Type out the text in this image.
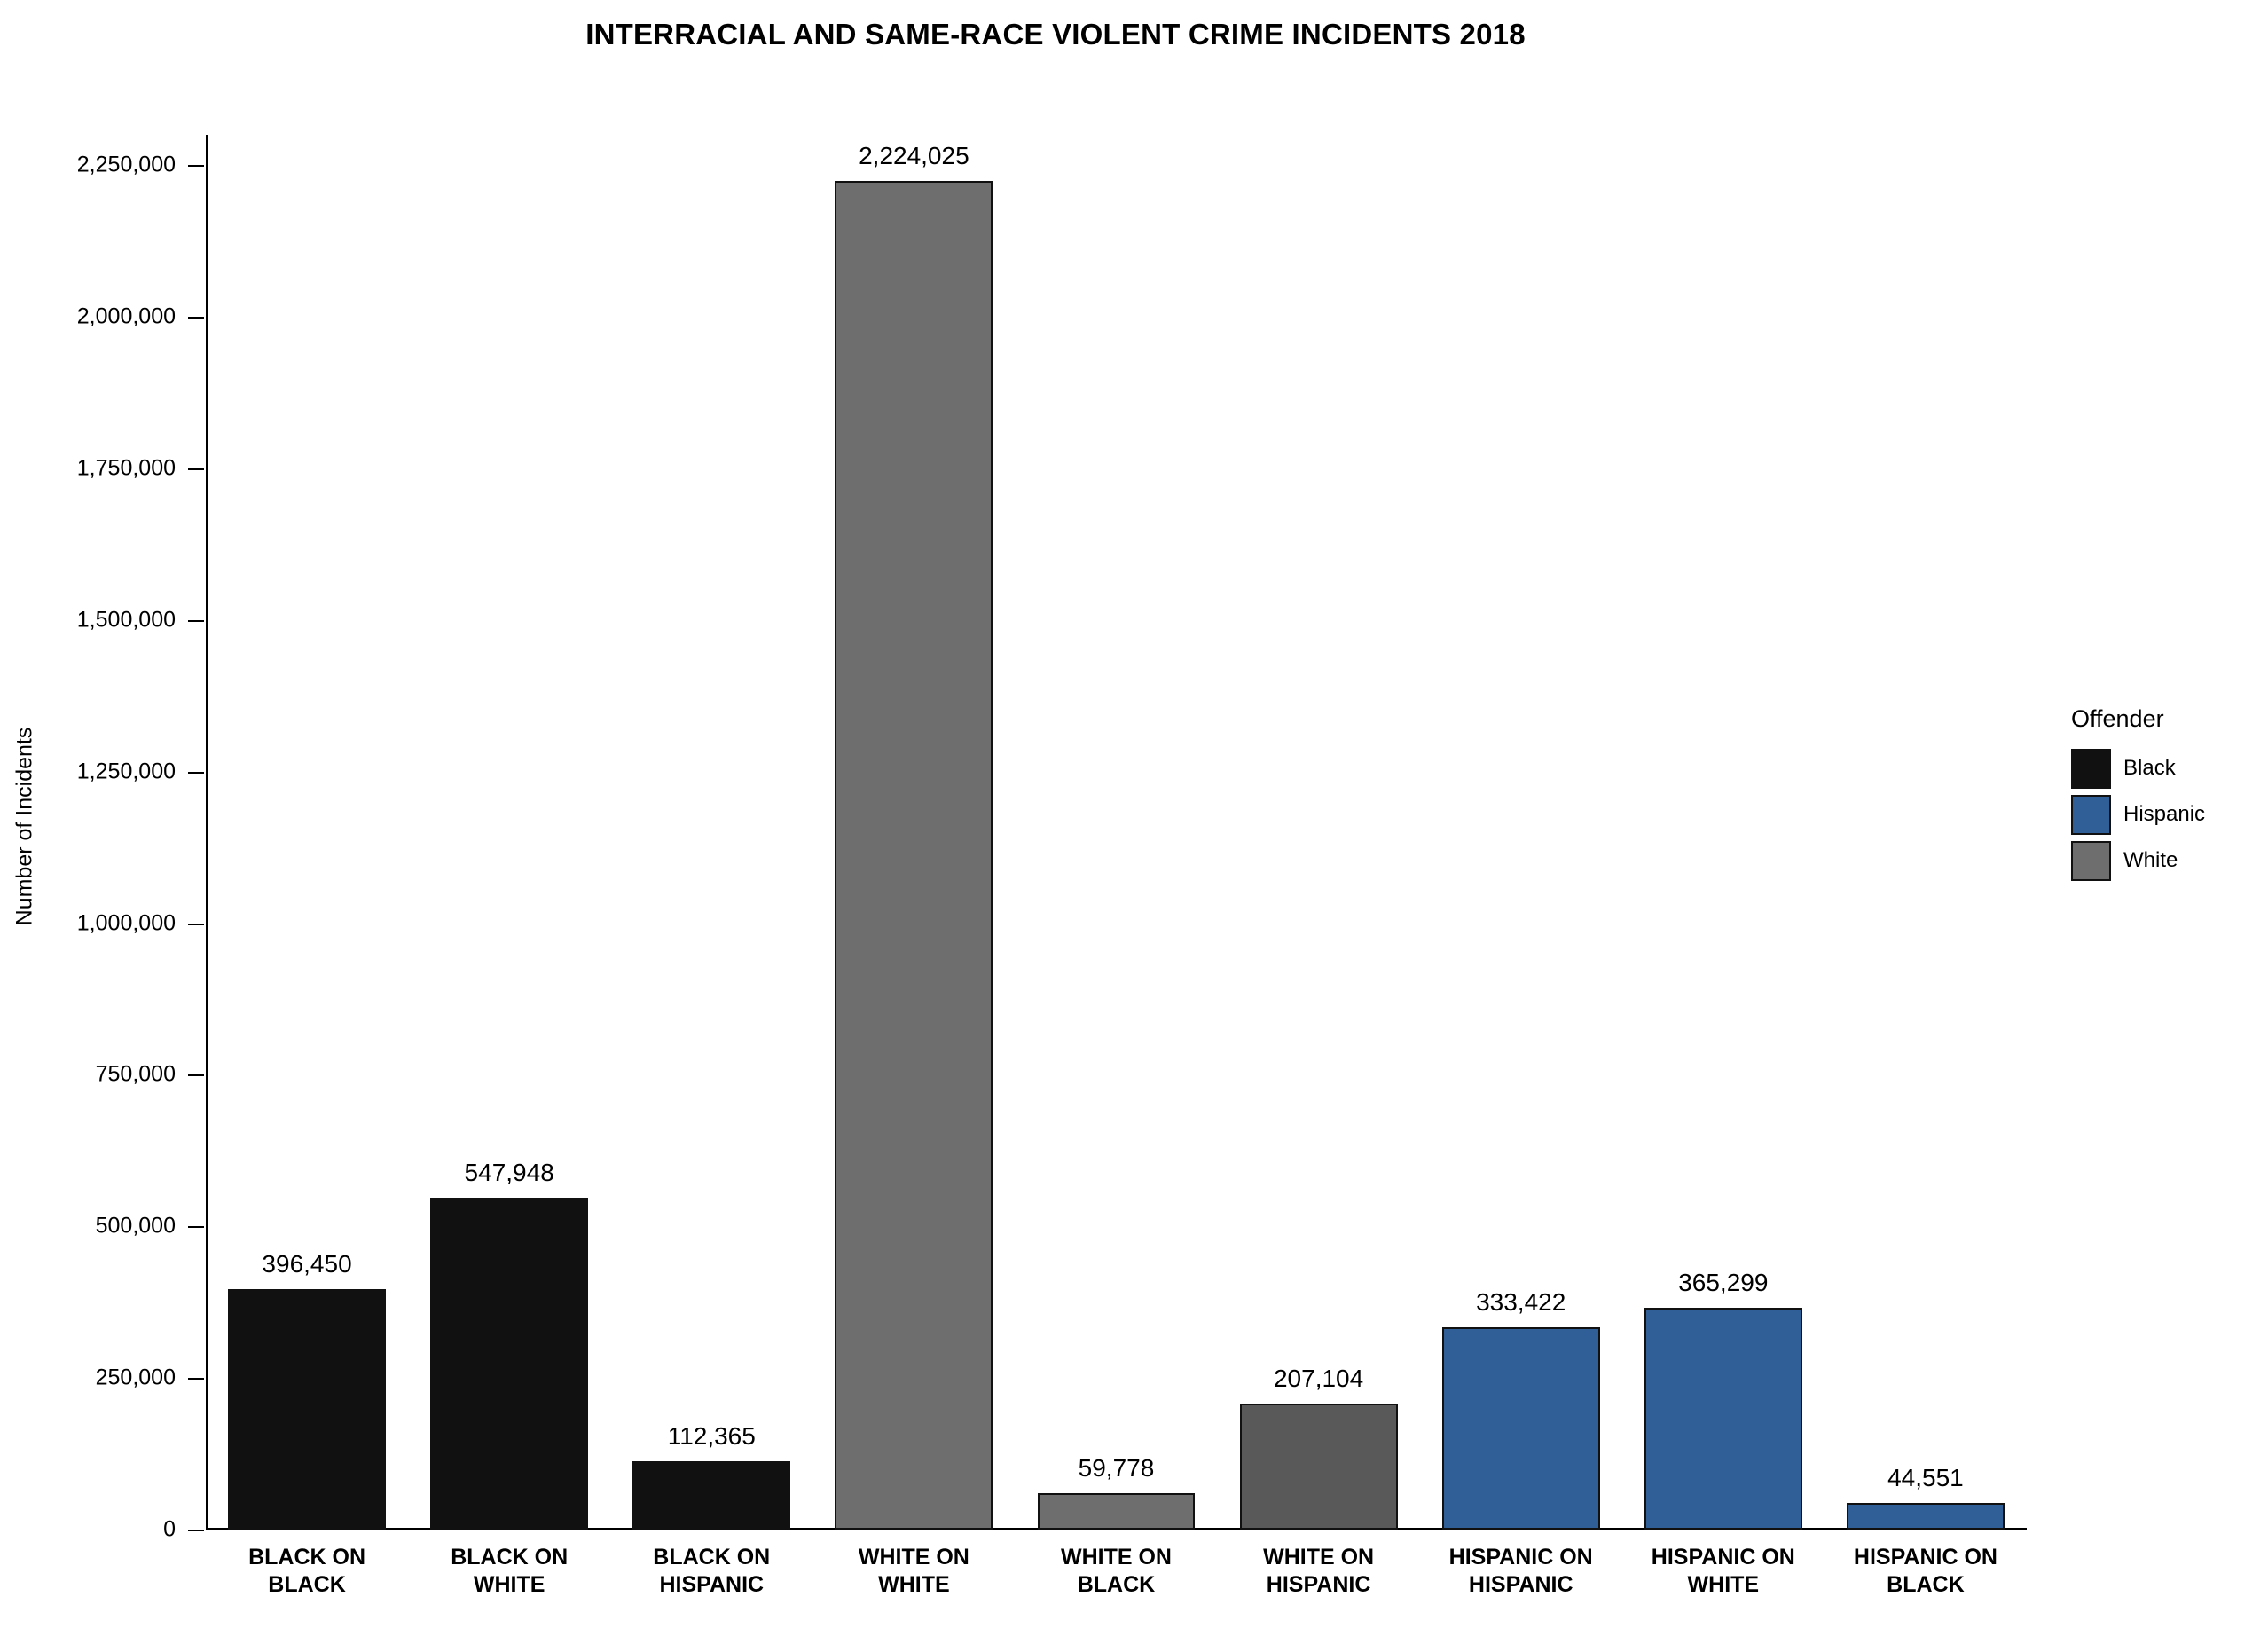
INTERRACIAL AND SAME-RACE VIOLENT CRIME INCIDENTS 2018
Number of Incidents
0
250,000
500,000
750,000
1,000,000
1,250,000
1,500,000
1,750,000
2,000,000
2,250,000
396,450
547,948
112,365
2,224,025
59,778
207,104
333,422
365,299
44,551
BLACK ON
BLACK
BLACK ON
WHITE
BLACK ON
HISPANIC
WHITE ON
WHITE
WHITE ON
BLACK
WHITE ON
HISPANIC
HISPANIC ON
HISPANIC
HISPANIC ON
WHITE
HISPANIC ON
BLACK
Offender
Black
Hispanic
White
